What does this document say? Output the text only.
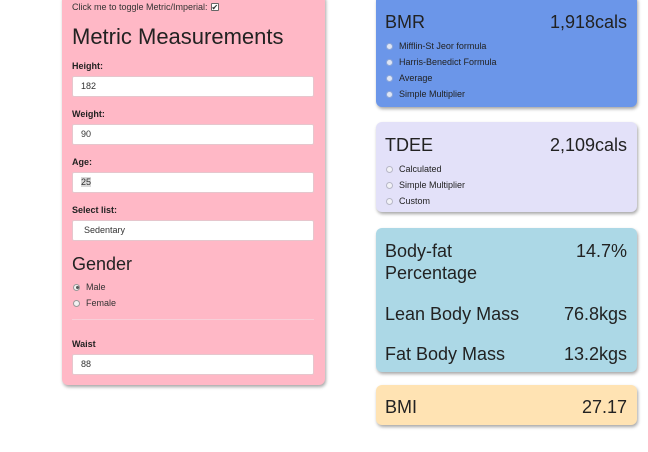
Click me to toggle Metric/Imperial: ✔
Metric Measurements
Height:
182
Weight:
90
Age:
25
Select list:
Sedentary
Gender
Male
Female
Waist
88
BMR	1,918cals
Mifflin-St Jeor formula
Harris-Benedict Formula
Average
Simple Multiplier
TDEE	2,109cals
Calculated
Simple Multiplier
Custom
Body-fat
Percentage
14.7%
Lean Body Mass 76.8kgs
Fat Body Mass	13.2kgs
BMI	27.17
